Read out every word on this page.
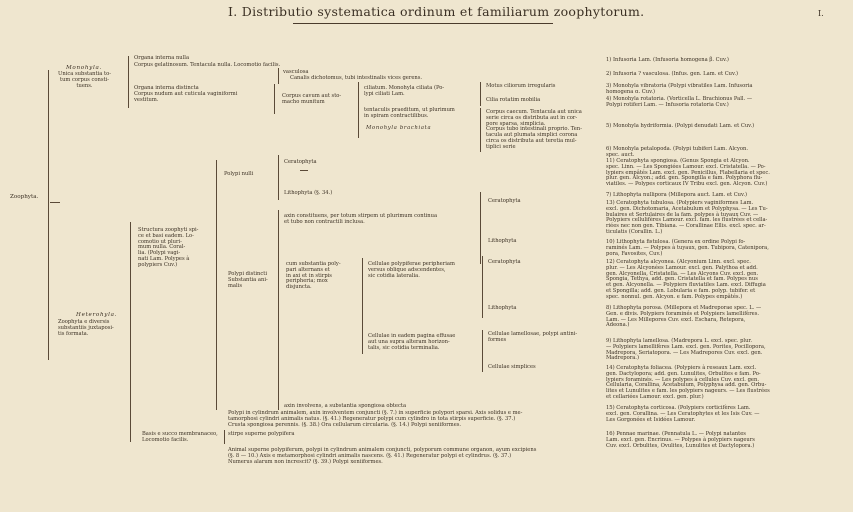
I. Distributio systematica ordinum et familiarum zoophytorum.	I.
Zoophyta.
Monohyla.
Unica substantia to-
tum corpus consti-
tuens.
Heterohyla.
Zoophyta e diversis
substantiis juxtaposi-
tis formata.
Organa interna nulla
Corpus gelatinosum. Tentacula nulla. Locomotio facilis.
vasculosa
Canalis dichotomus, tubi intestinalis vices gerens.
Organa interna distincta
Corpus nudum aut cuticula vaginiformi
vestitum.
Corpus cavum aut sto-
macho munitum
ciliatum. Monohyla ciliata (Po-
lypi ciliati Lam.
tentaculis praeditum, ut plurimum
in spiram contractilibus.
Monohyla brachiata
Motus ciliorum irregularis
Cilia rotatim mobilia
Corpus caecum. Tentacula aut unica
serie circa os distributa aut in cor-
pore sparsa, simplicia.
Corpus tubo intestinali proprio. Ten-
tacula aut plumata simplici corona
circa os distributa aut teretia mul-
tiplici serie
Polypi nulli
Ceratophyta
Lithophyta (§. 34.)
Structura zoophyti spi-
ce et basi eadem. Lo-
comotio ut pluri-
mum nulla. Coral-
lia. (Polypi vagi-
nati Lam. Polypes à
polypiers Cuv.)
axin constituens, per totum stirpem ut plurimum continua
et tubo non contractili inclusa.
Ceratophyta
Lithophyta
Polypi distincti
Substantia ani-
malis
cum substantia poly-
pari alternans et
in axi et in stirpis
peripheria; mox
disjuncta.
Cellulae polypiferae peripheriam
versus oblique adscendentes,
sic cotidia lateralia.
Ceratophyta
Lithophyta
Cellulae in eadem pagina effusae
aut una supra alteram horizon-
talis, sic cotidia terminalia.
Cellulae lamellosae, polypi antini-
formes
Cellulae simplices
axin involvens, a substantia spongiosa obtecta
Polypi in cylindrum animalem, axin involventem conjuncti (§. 7.) in superficie polypori sparsi. Axis solidus e me-
tamorphosi cylindri animalis natus. (§. 41.) Regeneratur polypi cum cylindro in tota stirpis superficie. (§. 37.)
Crusta spongiosa perennis. (§. 38.) Ora cellularum circularia. (§. 14.) Polypi xeniiformes.
Basis e succo membranaceo,
Locomotio facilis.
stirpe superne polypifera
Animal superne polypiferum, polypi in cylindrum animalem conjuncti, polyporum commune organon, ayum excipiens
(§. 8 — 10.) Axis e metamorphosi cylindri animalis nascens. (§. 41.) Regeneratur polypi et cylindrus. (§. 37.)
Numerus alarum non increscit? (§. 39.) Polypi xeniiformes.
1) Infusoria Lam. (Infusoria homogena β. Cuv.)
2) Infusoria ? vasculosa. (Infus. gen. Lam. et Cuv.)
3) Monohyla vibratoria (Polypi vibratiles Lam. Infusoria
homogena α. Cuv.)
4) Monohyla rotatoria. (Vorticella L. Brachionus Pall. —
Polypi rotiferi Lam. — Infusoria rotatoria Cuv.)
5) Monohyla hydriformia. (Polypi denudati Lam. et Cuv.)
6) Monohyla petalopoda. (Polypi tubiferi Lam. Alcyon.
spec. auct.
11) Ceratophyta spongiosa. (Genus Spongia et Alcyon.
spec. Linn. — Les Spongiées Lamour. excl. Cristatella. — Po-
lypiers empâtés Lam. excl. gen. Penicillus, Flabellaria et spec.
plur. gen. Alcyon.; add. gen. Spongilla e fam. Polyphora flu-
viatiles. — Polypes corticaux IV Tribu excl. gen. Alcyon. Cuv.)
7) Lithophyta nullipora (Millepora auct. Lam. et Cuv.)
13) Ceratophyta tubulosa. (Polypiers vaginiformes Lam.
excl. gen. Dichotomaria, Acetabulum et Polyphysa. — Les Tu-
bulaires et Sertulaires de la fam. polypes à tuyaux Cuv. —
Polypiers cellulifères Lamour. excl. fam. les flustrées et cella-
riées nec non gen. Tibiana. — Corallinae Ellis. excl. spec. ar-
ticulatis (Corallin. L.)
10) Lithophyta fistulosa. (Genera ex ordine Polypi fo-
raminés Lam. — Polypes à tuyaux, gen. Tubipora, Catenipora,
pora, Favosites, Cuv.)
12) Ceratophyta alcyonea. (Alcyonium Linn. excl. spec.
plur. — Les Alcyonées Lamour. excl. gen. Palythoa et add.
gen. Alcyonella, Cristatella. — Les Alcyons Cuv. excl. gen.
Spongia, Tethya, add. gen. Cristatella et fam. Polypes nus
et gen. Alcyonella. — Polypiers fluviatiles Lam. excl. Diffugia
et Spongilla; add. gen. Lobularia e fam. polyp. tubifer. et
spec. nonnul. gen. Alcyon. e fam. Polypes empâtés.)
8) Lithophyta porosa. (Millepora et Madreporae spec. L. —
Gen. e divis. Polypiers foraminés et Polypiers lamellifères.
Lam. — Les Millepores Cuv. excl. Eschara, Retepora,
Adeona.)
9) Lithophyta lamellosa. (Madrepora L. excl. spec. plur.
— Polypiers lamellifères Lam. excl. gen. Porites, Pocillopora,
Madrepora, Seriatopora. — Les Madrepores Cuv. excl. gen.
Madrepora.)
14) Ceratophyta foliacea. (Polypiers à reseaux Lam. excl.
gen. Dactylopora; add. gen. Lunulites, Orbulites e fam. Po-
lypiers foraminés. — Les polypes à cellules Cuv. excl. gen.
Cellularia, Corallina, Acetabulum, Polyphysa add. gen. Orbu-
lites et Lunulites e fam. les polypiers nageurs. — Les flustrées
et cellariées Lamour. excl. gen. plur.)
15) Ceratophyta corticosa. (Polypiers corticifères Lam.
excl. gen. Corallina. — Les Ceratophytes et les Isis Cuv. —
Les Gorgonées et Isidées Lamour.
16) Pennae marinae. (Pennatula L. — Polypi natantes
Lam. excl. gen. Encrinus. — Polypes à polypiers nageurs
Cuv. excl. Orbulites, Ovulites, Lunulites et Dactylopora.)
